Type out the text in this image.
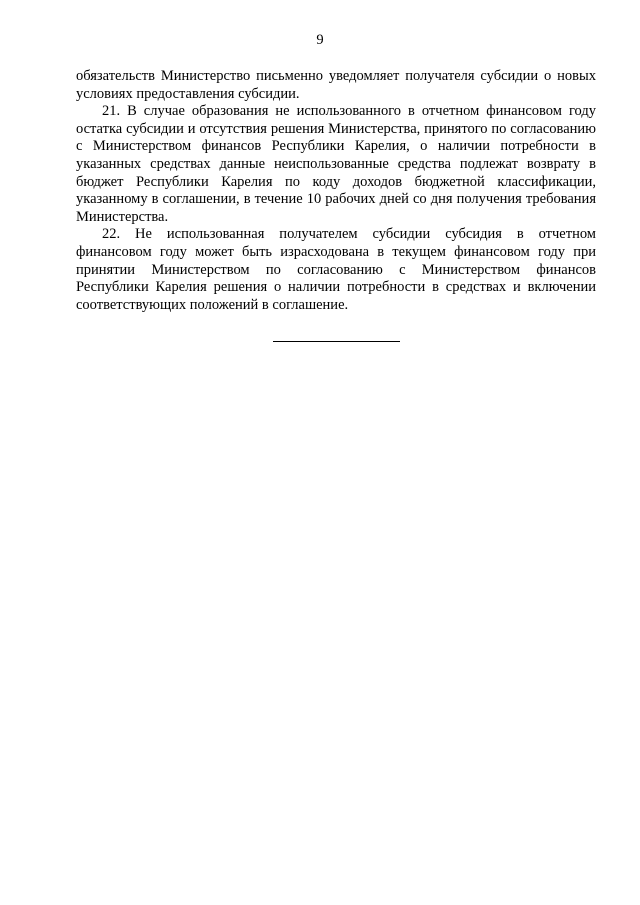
9

обязательств Министерство письменно уведомляет получателя субсидии о новых условиях предоставления субсидии.

21. В случае образования не использованного в отчетном финансовом году остатка субсидии и отсутствия решения Министерства, принятого по согласованию с Министерством финансов Республики Карелия, о наличии потребности в указанных средствах данные неиспользованные средства подлежат возврату в бюджет Республики Карелия по коду доходов бюджетной классификации, указанному в соглашении, в течение 10 рабочих дней со дня получения требования Министерства.

22. Не использованная получателем субсидии субсидия в отчетном финансовом году может быть израсходована в текущем финансовом году при принятии Министерством по согласованию с Министерством финансов Республики Карелия решения о наличии потребности в средствах и включении соответствующих положений в соглашение.
